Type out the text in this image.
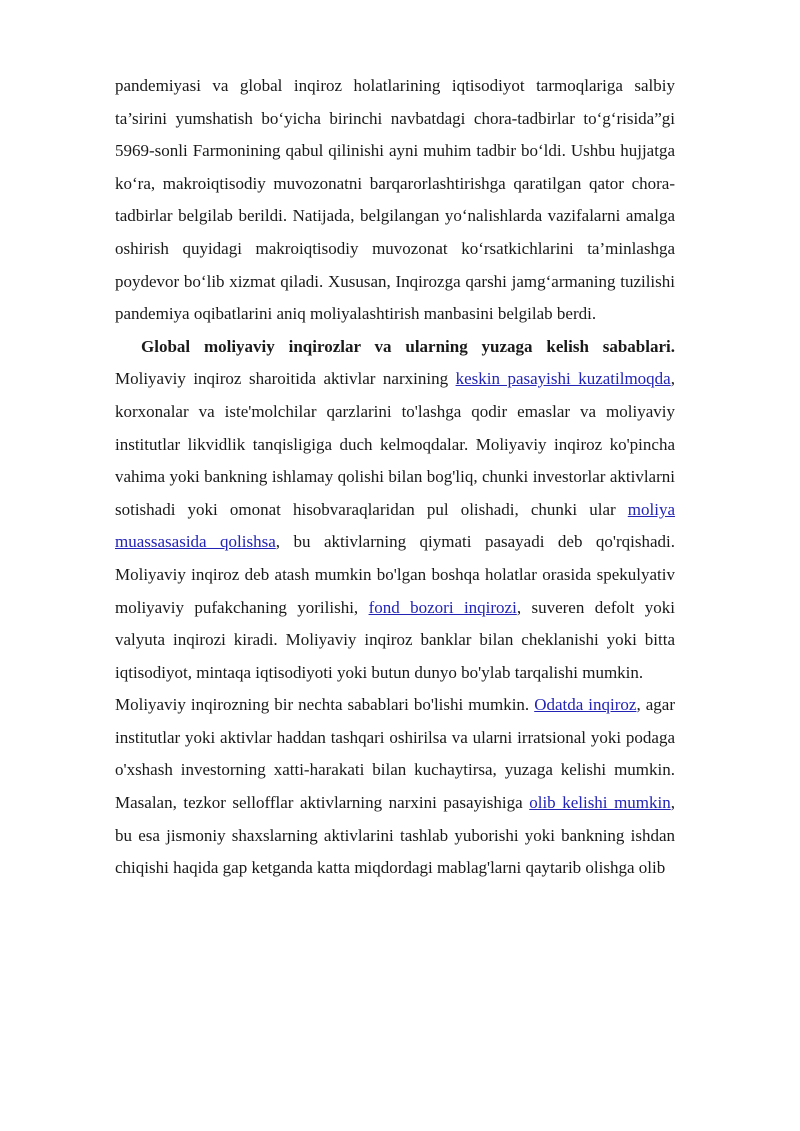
pandemiyasi va global inqiroz holatlarining iqtisodiyot tarmoqlariga salbiy ta’sirini yumshatish bo‘yicha birinchi navbatdagi chora-tadbirlar to‘g‘risida”gi 5969-sonli Farmonining qabul qilinishi ayni muhim tadbir bo‘ldi. Ushbu hujjatga ko‘ra, makroiqtisodiy muvozonatni barqarorlashtirishga qaratilgan qator chora-tadbirlar belgilab berildi. Natijada, belgilangan yo‘nalishlarda vazifalarni amalga oshirish quyidagi makroiqtisodiy muvozonat ko‘rsatkichlarini ta’minlashga poydevor bo‘lib xizmat qiladi. Xususan, Inqirozga qarshi jamg‘armaning tuzilishi pandemiya oqibatlarini aniq moliyalashtirish manbasini belgilab berdi.

Global moliyaviy inqirozlar va ularning yuzaga kelish sabablari. Moliyaviy inqiroz sharoitida aktivlar narxining keskin pasayishi kuzatilmoqda, korxonalar va iste'molchilar qarzlarini to'lashga qodir emaslar va moliyaviy institutlar likvidlik tanqisligiga duch kelmoqdalar. Moliyaviy inqiroz ko'pincha vahima yoki bankning ishlamay qolishi bilan bog'liq, chunki investorlar aktivlarni sotishadi yoki omonat hisobvaraqlaridan pul olishadi, chunki ular moliya muassasasida qolishsa, bu aktivlarning qiymati pasayadi deb qo'rqishadi. Moliyaviy inqiroz deb atash mumkin bo'lgan boshqa holatlar orasida spekulyativ moliyaviy pufakchaning yorilishi, fond bozori inqirozi, suveren defolt yoki valyuta inqirozi kiradi. Moliyaviy inqiroz banklar bilan cheklanishi yoki bitta iqtisodiyot, mintaqa iqtisodiyoti yoki butun dunyo bo'ylab tarqalishi mumkin.

Moliyaviy inqirozning bir nechta sabablari bo'lishi mumkin. Odatda inqiroz, agar institutlar yoki aktivlar haddan tashqari oshirilsa va ularni irratsional yoki podaga o'xshash investorning xatti-harakati bilan kuchaytirsa, yuzaga kelishi mumkin. Masalan, tezkor sellofflar aktivlarning narxini pasayishiga olib kelishi mumkin, bu esa jismoniy shaxslarning aktivlarini tashlab yuborishi yoki bankning ishdan chiqishi haqida gap ketganda katta miqdordagi mablag'larni qaytarib olishga olib
